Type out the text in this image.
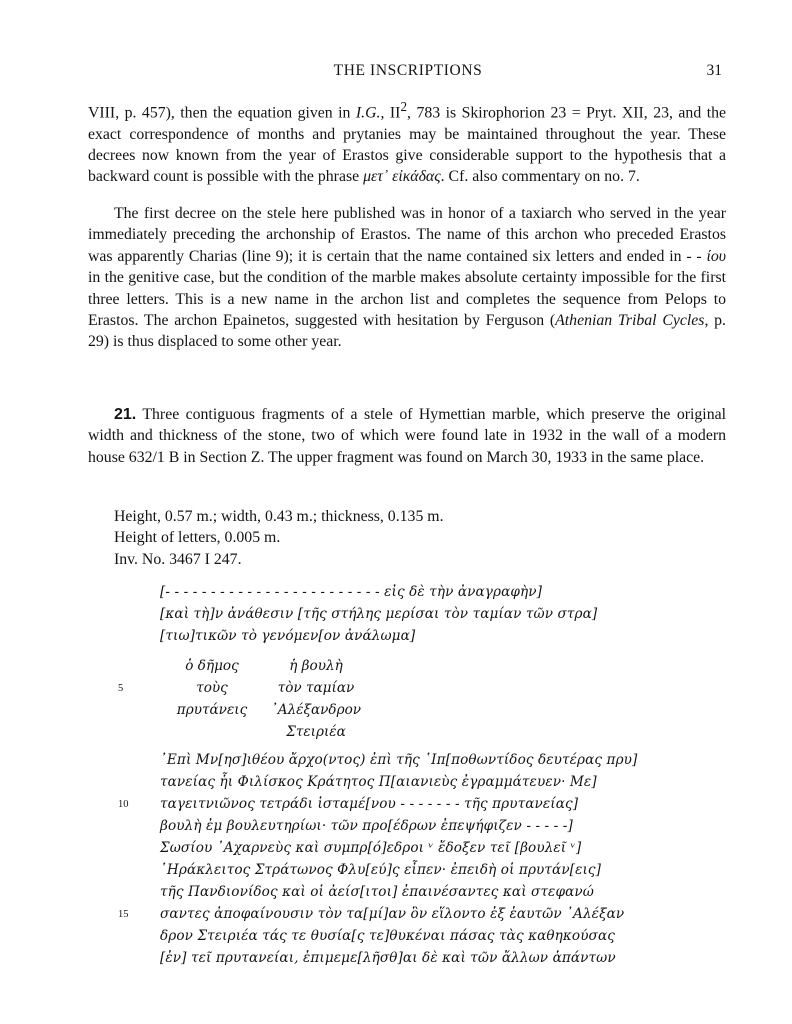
THE INSCRIPTIONS	31

VIII, p. 457), then the equation given in I.G., $II^2$, 783 is Skirophorion 23 = Pryt. XII, 23, and the exact correspondence of months and prytanies may be maintained throughout the year. These decrees now known from the year of Erastos give considerable support to the hypothesis that a backward count is possible with the phrase μετ᾽ εἰκάδας. Cf. also commentary on no. 7.

The first decree on the stele here published was in honor of a taxiarch who served in the year immediately preceding the archonship of Erastos. The name of this archon who preceded Erastos was apparently Charias (line 9); it is certain that the name contained six letters and ended in - - ίου in the genitive case, but the condition of the marble makes absolute certainty impossible for the first three letters. This is a new name in the archon list and completes the sequence from Pelops to Erastos. The archon Epainetos, suggested with hesitation by Ferguson (Athenian Tribal Cycles, p. 29) is thus displaced to some other year.

21. Three contiguous fragments of a stele of Hymettian marble, which preserve the original width and thickness of the stone, two of which were found late in 1932 in the wall of a modern house 632/1 B in Section Z. The upper fragment was found on March 30, 1933 in the same place.

Height, 0.57 m.; width, 0.43 m.; thickness, 0.135 m.
Height of letters, 0.005 m.
Inv. No. 3467 I 247.
[- - - - - - - - - - - - - - - - - - - - - - - - εἰς δὲ τὴν ἀναγραφὴν]
[καὶ τὴ]ν ἀνάθεσιν [τῆς στήλης μερίσαι τὸν ταμίαν τῶν στρα]
[τιω]τικῶν τὸ γενόμεν[ον ἀνάλωμα]
ὁ δῆμος
τοὺς
πρυτάνεις
ἡ βουλὴ
τὸν ταμίαν
᾽Αλέξανδρον
Στειριέα
5
᾽Επὶ Μν[ησ]ιθέου ἄρχο(ντος) ἐπὶ τῆς ῾Ιπ[ποθωντίδος δευτέρας πρυ]
τανείας ἧι Φιλίσκος Κράτητος Π[αιανιεὺς ἐγραμμάτευεν· Με]
ταγειτνιῶνος τετράδι ἱσταμέ[νου - - - - - - - τῆς πρυτανείας]
βουλὴ ἐμ βουλευτηρίωι· τῶν προ[έδρων ἐπεψήφιζεν - - - - -]
Σωσίου ᾽Αχαρνεὺς καὶ συμπρ[ό]εδροι ᵛ ἔδοξεν τεῖ [βουλεῖ ᵛ]
῾Ηράκλειτος Στράτωνος Φλυ[εύ]ς εἶπεν· ἐπειδὴ οἱ πρυτάν[εις]
τῆς Πανδιονίδος καὶ οἱ ἀείσ[ιτοι] ἐπαινέσαντες καὶ στεφανώ
σαντες ἀποφαίνουσιν τὸν τα[μί]αν ὃν εἵλοντο ἐξ ἑαυτῶν ᾽Αλέξαν
δρον Στειριέα τάς τε θυσία[ς τε]θυκέναι πάσας τὰς καθηκούσας
[ἐν] τεῖ πρυτανείαι, ἐπιμεμε[λῆσθ]αι δὲ καὶ τῶν ἄλλων ἁπάντων
10
15
